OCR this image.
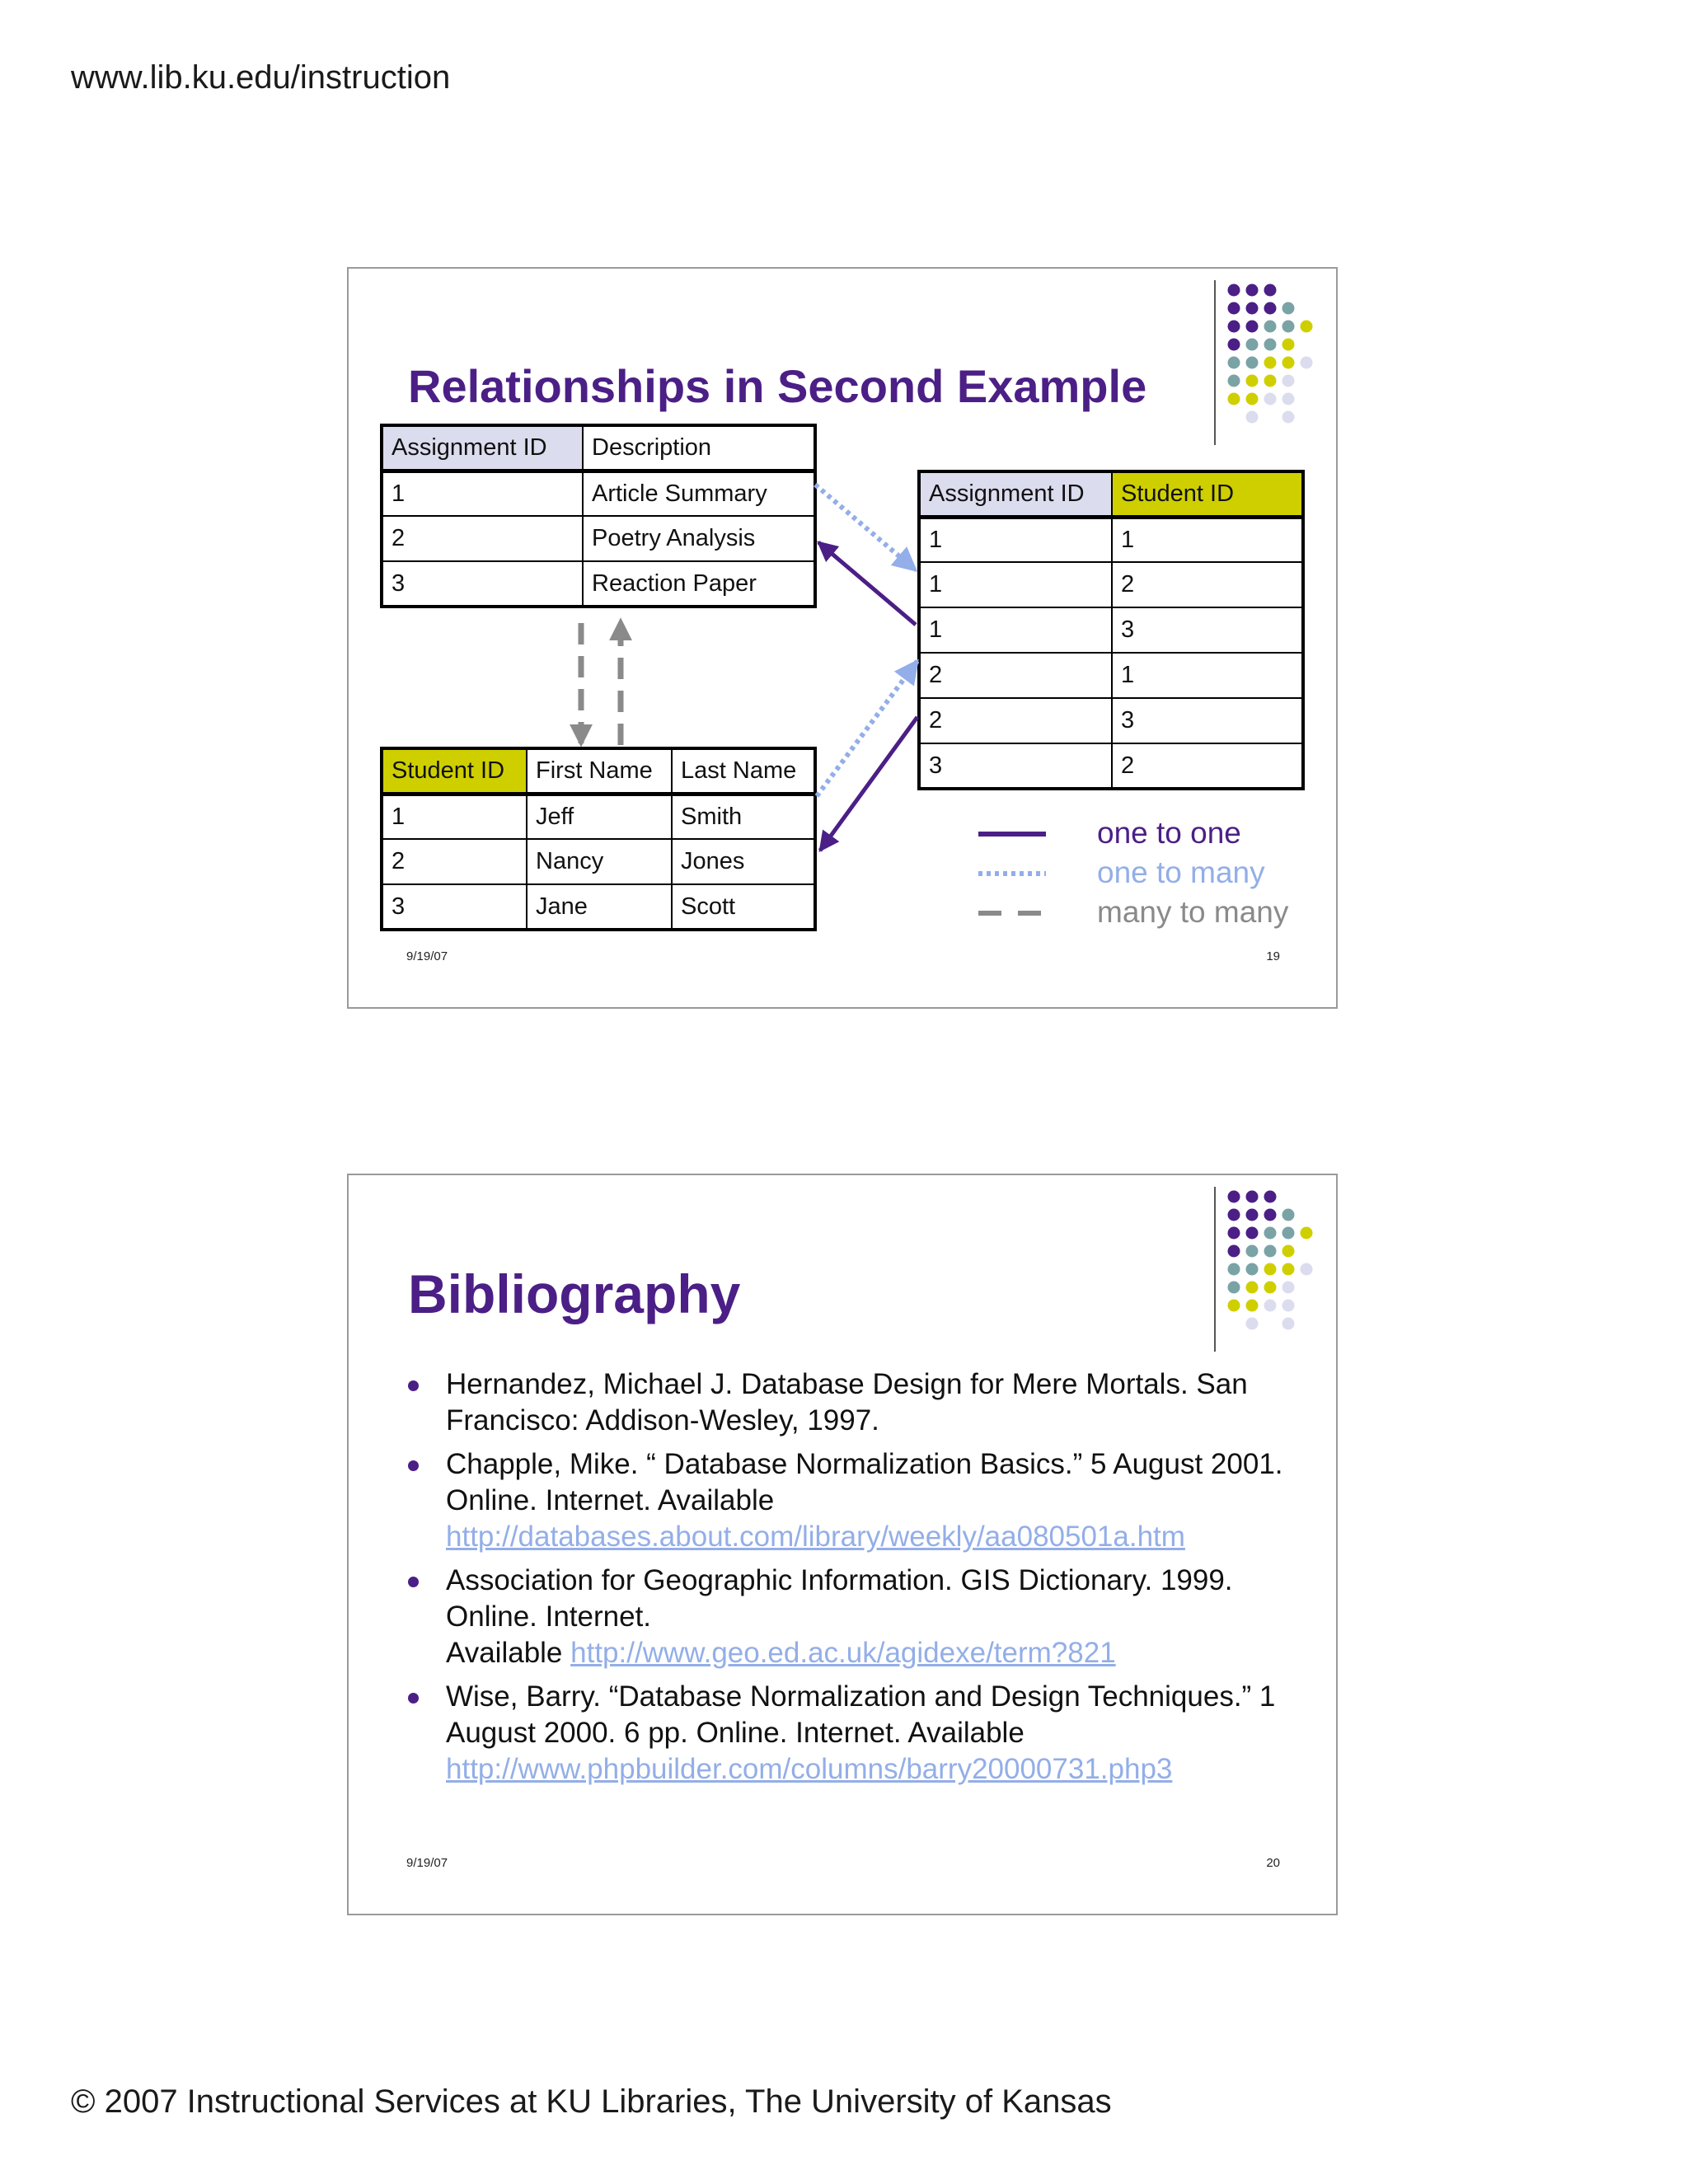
www.lib.ku.edu/instruction
Relationships in Second Example
Assignment ID	Description
1	Article Summary
2	Poetry Analysis
3	Reaction Paper
Student ID	First Name	Last Name
1	Jeff	Smith
2	Nancy	Jones
3	Jane	Scott
Assignment ID	Student ID
1	1
1	2
1	3
2	1
2	3
3	2
one to one
one to many
many to many
9/19/07	19
Bibliography
Hernandez, Michael J. Database Design for Mere Mortals. San Francisco: Addison-Wesley, 1997.
Chapple, Mike. “ Database Normalization Basics.” 5 August 2001. Online. Internet. Available
http://databases.about.com/library/weekly/aa080501a.htm
Association for Geographic Information. GIS Dictionary. 1999. Online. Internet.
Available http://www.geo.ed.ac.uk/agidexe/term?821
Wise, Barry. “Database Normalization and Design Techniques.” 1 August 2000. 6 pp. Online. Internet. Available
http://www.phpbuilder.com/columns/barry20000731.php3
9/19/07	20
© 2007 Instructional Services at KU Libraries, The University of Kansas
